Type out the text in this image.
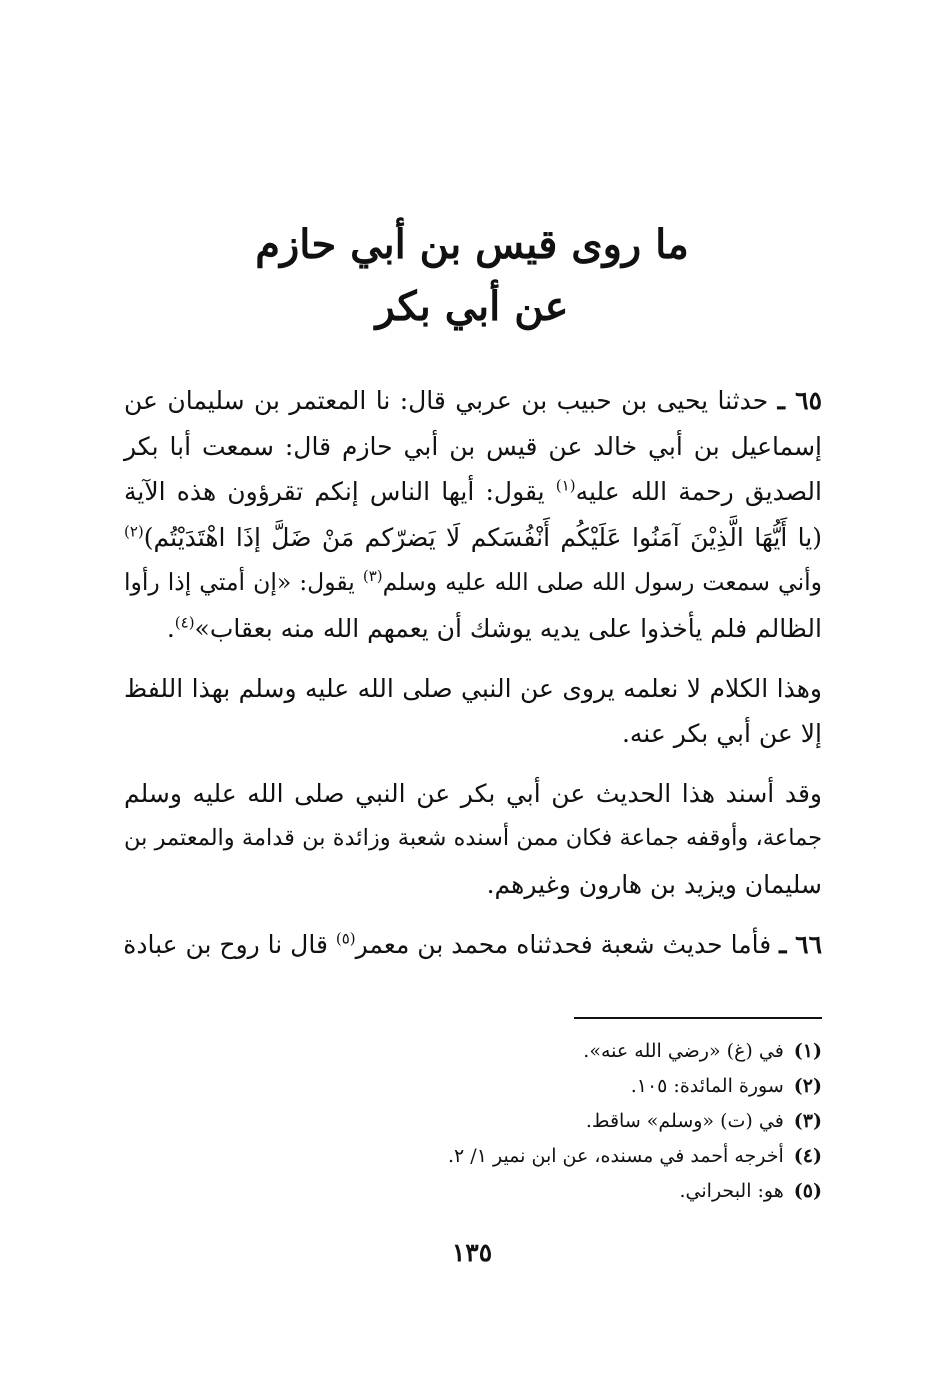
ما روى قيس بن أبي حازم
عن أبي بكر
٦٥ ـ حدثنا يحيى بن حبيب بن عربي قال: نا المعتمر بن سليمان عن
إسماعيل بن أبي خالد عن قيس بن أبي حازم قال: سمعت أبا بكر
الصديق رحمة الله عليه$^{(١)}$ يقول: أيها الناس إنكم تقرؤون هذه الآية
(يا أَيُّهَا الَّذِيْنَ آمَنُوا عَلَيْكُم أَنْفُسَكم لَا يَضرّكم مَنْ ضَلَّ إذَا اهْتَدَيْتُم)$^{(٢)}$
وأني سمعت رسول الله صلى الله عليه وسلم$^{(٣)}$ يقول: «إن أمتي إذا رأوا
الظالم فلم يأخذوا على يديه يوشك أن يعمهم الله منه بعقاب»$^{(٤)}$.
وهذا الكلام لا نعلمه يروى عن النبي صلى الله عليه وسلم بهذا اللفظ
إلا عن أبي بكر عنه.
وقد أسند هذا الحديث عن أبي بكر عن النبي صلى الله عليه وسلم
جماعة، وأوقفه جماعة فكان ممن أسنده شعبة وزائدة بن قدامة والمعتمر بن
سليمان ويزيد بن هارون وغيرهم.
٦٦ ـ فأما حديث شعبة فحدثناه محمد بن معمر$^{(٥)}$ قال نا روح بن عبادة
(١)في (غ) «رضي الله عنه».
(٢)سورة المائدة: ١٠٥.
(٣)في (ت) «وسلم» ساقط.
(٤)أخرجه أحمد في مسنده، عن ابن نمير ١/ ٢.
(٥)هو: البحراني.
١٣٥
